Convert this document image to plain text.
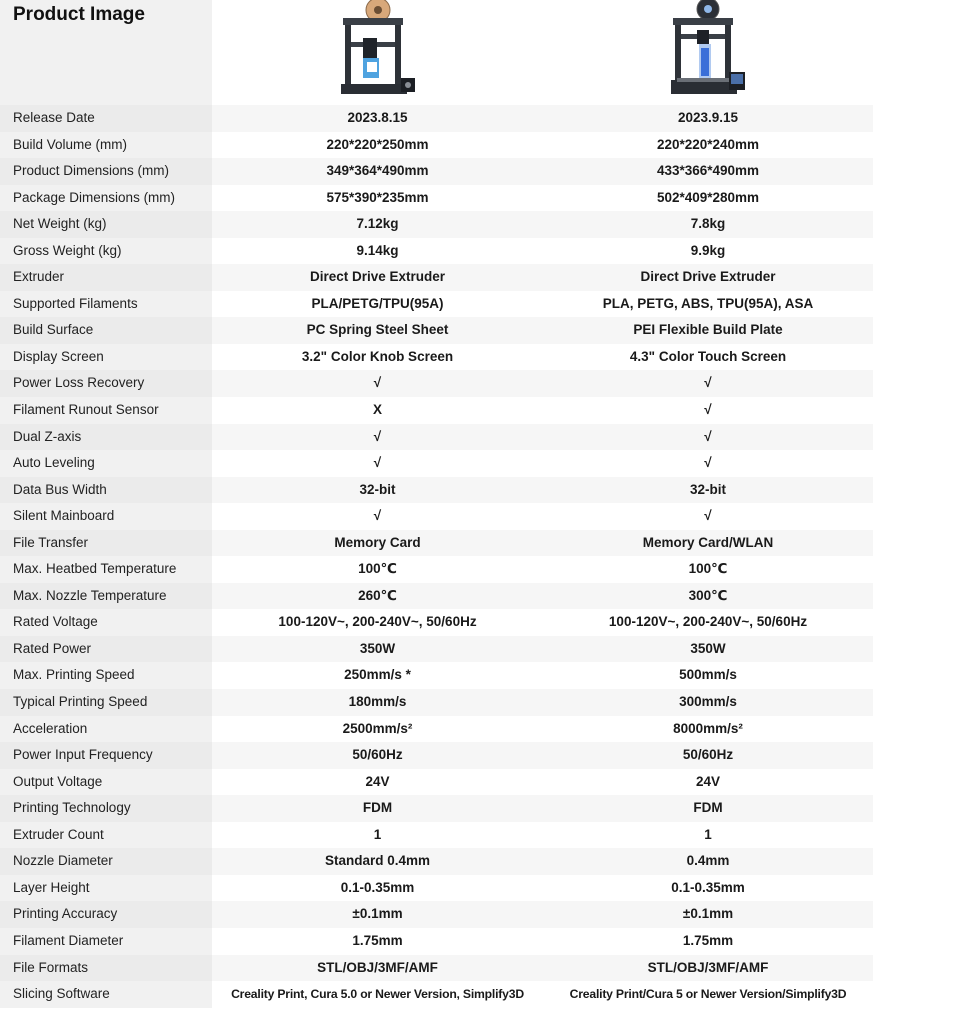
Product Image
Release Date	2023.8.15	2023.9.15
Build Volume (mm)	220*220*250mm	220*220*240mm
Product Dimensions (mm)	349*364*490mm	433*366*490mm
Package Dimensions (mm)	575*390*235mm	502*409*280mm
Net Weight (kg)	7.12kg	7.8kg
Gross Weight (kg)	9.14kg	9.9kg
Extruder	Direct Drive Extruder	Direct Drive Extruder
Supported Filaments	PLA/PETG/TPU(95A)	PLA, PETG, ABS, TPU(95A), ASA
Build Surface	PC Spring Steel Sheet	PEI Flexible Build Plate
Display Screen	3.2" Color Knob Screen	4.3" Color Touch Screen
Power Loss Recovery	√	√
Filament Runout Sensor	X	√
Dual Z-axis	√	√
Auto Leveling	√	√
Data Bus Width	32-bit	32-bit
Silent Mainboard	√	√
File Transfer	Memory Card	Memory Card/WLAN
Max. Heatbed Temperature	100℃	100℃
Max. Nozzle Temperature	260℃	300℃
Rated Voltage	100-120V~, 200-240V~, 50/60Hz	100-120V~, 200-240V~, 50/60Hz
Rated Power	350W	350W
Max. Printing Speed	250mm/s *	500mm/s
Typical Printing Speed	180mm/s	300mm/s
Acceleration	2500mm/s²	8000mm/s²
Power Input Frequency	50/60Hz	50/60Hz
Output Voltage	24V	24V
Printing Technology	FDM	FDM
Extruder Count	1	1
Nozzle Diameter	Standard 0.4mm	0.4mm
Layer Height	0.1-0.35mm	0.1-0.35mm
Printing Accuracy	±0.1mm	±0.1mm
Filament Diameter	1.75mm	1.75mm
File Formats	STL/OBJ/3MF/AMF	STL/OBJ/3MF/AMF
Slicing Software	Creality Print, Cura 5.0 or Newer Version, Simplify3D	Creality Print/Cura 5 or Newer Version/Simplify3D
